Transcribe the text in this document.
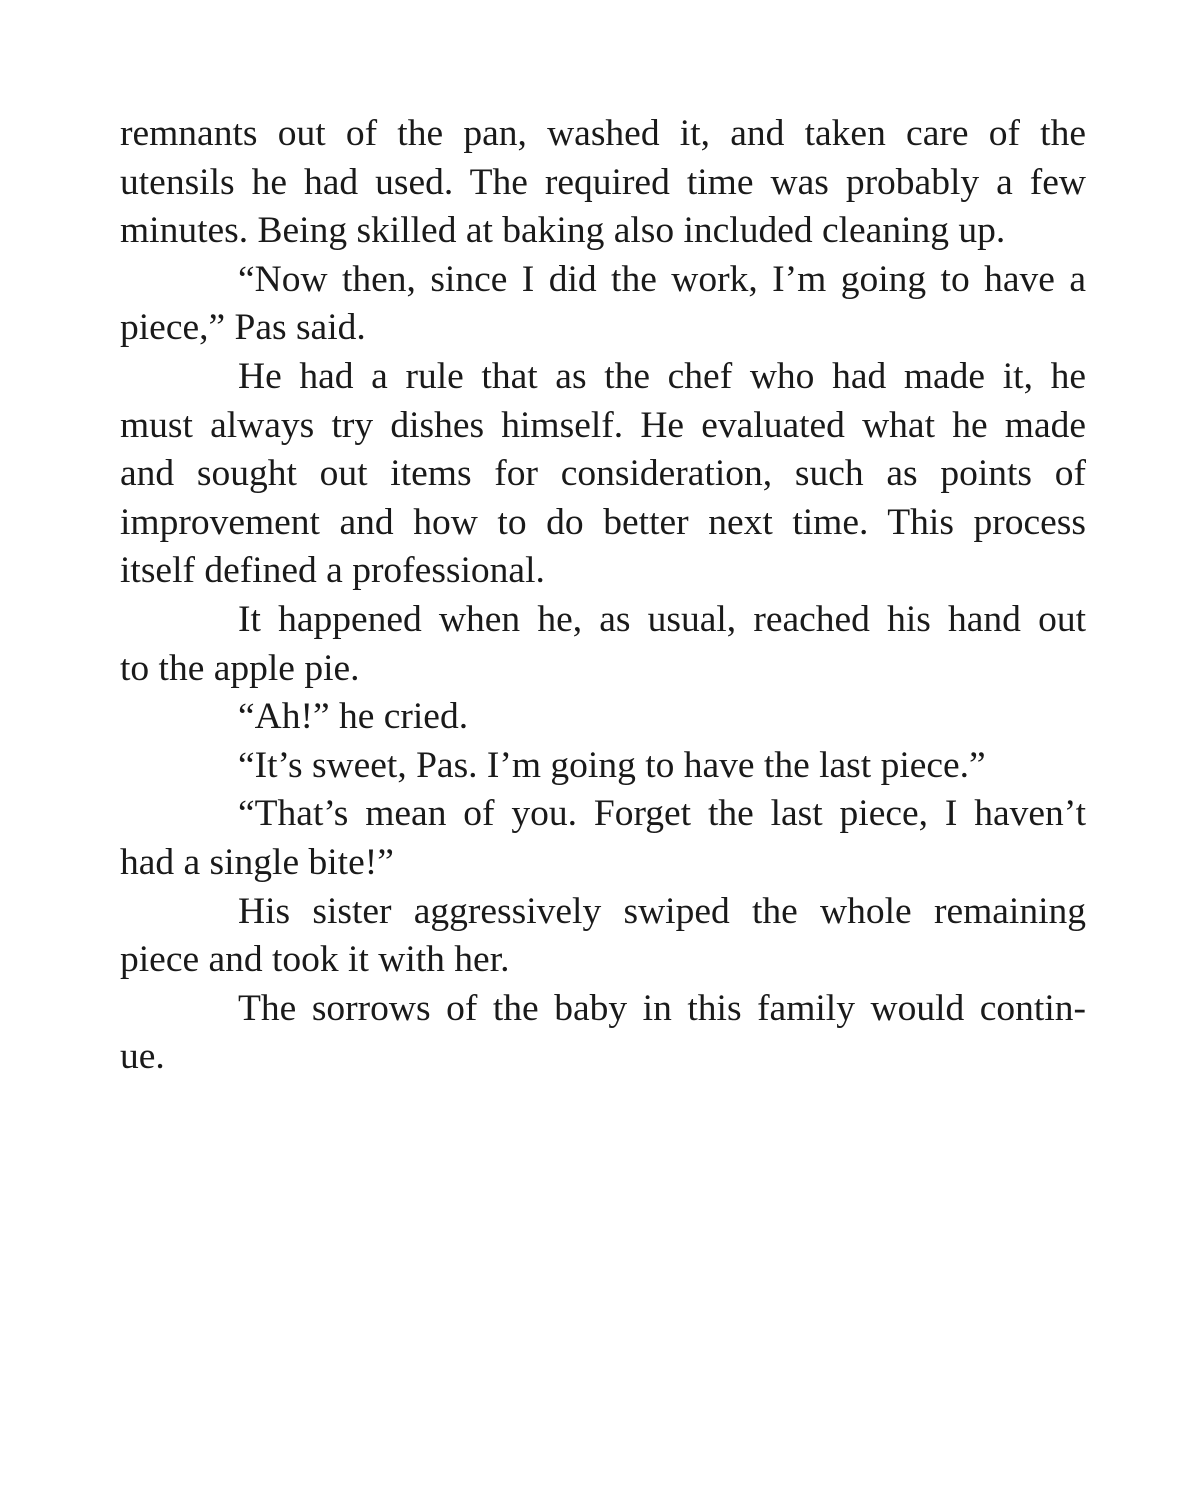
remnants out of the pan, washed it, and taken care of the
utensils he had used. The required time was probably a few
minutes. Being skilled at baking also included cleaning up.

“Now then, since I did the work, I’m going to have a
piece,” Pas said.

He had a rule that as the chef who had made it, he
must always try dishes himself. He evaluated what he made
and sought out items for consideration, such as points of
improvement and how to do better next time. This process
itself defined a professional.

It happened when he, as usual, reached his hand out
to the apple pie.

“Ah!” he cried.

“It’s sweet, Pas. I’m going to have the last piece.”

“That’s mean of you. Forget the last piece, I haven’t
had a single bite!”

His sister aggressively swiped the whole remaining
piece and took it with her.

The sorrows of the baby in this family would contin-
ue.
